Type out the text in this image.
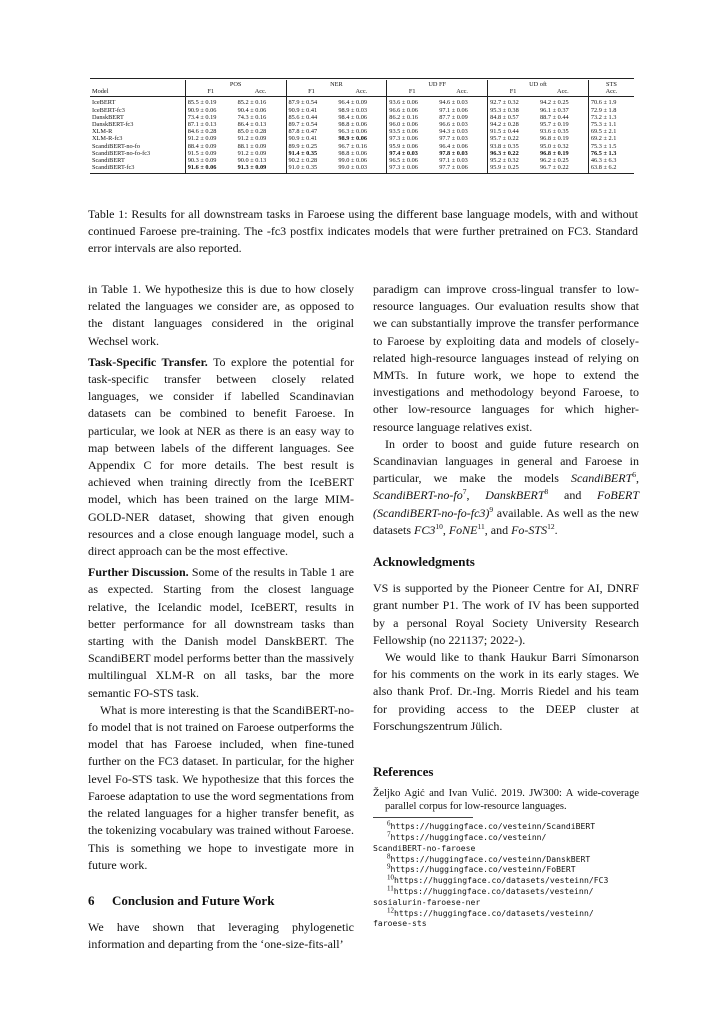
	POS		NER		UD FF		UD oft		STS
Model	F1	Acc.	F1	Acc.	F1	Acc.	F1	Acc.	Acc.
IceBERT	85.5 ± 0.19	85.2 ± 0.16	87.9 ± 0.54	96.4 ± 0.09	93.6 ± 0.06	94.6 ± 0.03	92.7 ± 0.32	94.2 ± 0.25	70.6 ± 1.9
IceBERT-fc3	90.9 ± 0.06	90.4 ± 0.06	90.9 ± 0.41	98.9 ± 0.03	96.6 ± 0.06	97.1 ± 0.06	95.3 ± 0.38	96.1 ± 0.37	72.9 ± 1.8
DanskBERT	73.4 ± 0.19	74.3 ± 0.16	85.6 ± 0.44	98.4 ± 0.06	86.2 ± 0.16	87.7 ± 0.09	84.8 ± 0.57	88.7 ± 0.44	73.2 ± 1.3
DanskBERT-fc3	87.1 ± 0.13	86.4 ± 0.13	89.7 ± 0.54	98.8 ± 0.06	96.0 ± 0.06	96.6 ± 0.03	94.2 ± 0.28	95.7 ± 0.19	75.3 ± 1.1
XLM-R	84.6 ± 0.28	85.0 ± 0.28	87.8 ± 0.47	96.3 ± 0.06	93.5 ± 0.06	94.3 ± 0.03	91.5 ± 0.44	93.6 ± 0.35	69.5 ± 2.1
XLM-R-fc3	91.2 ± 0.09	91.2 ± 0.09	90.9 ± 0.41	98.9 ± 0.06	97.3 ± 0.06	97.7 ± 0.03	95.7 ± 0.22	96.8 ± 0.19	69.2 ± 2.1
ScandiBERT-no-fo	88.4 ± 0.09	88.1 ± 0.09	89.9 ± 0.25	96.7 ± 0.16	95.9 ± 0.06	96.4 ± 0.06	93.8 ± 0.35	95.0 ± 0.32	75.3 ± 1.5
ScandiBERT-no-fo-fc3	91.5 ± 0.09	91.2 ± 0.09	91.4 ± 0.35	98.8 ± 0.06	97.4 ± 0.03	97.8 ± 0.03	96.3 ± 0.22	96.8 ± 0.19	76.5 ± 1.3
ScandiBERT	90.3 ± 0.09	90.0 ± 0.13	90.2 ± 0.28	99.0 ± 0.06	96.5 ± 0.06	97.1 ± 0.03	95.2 ± 0.32	96.2 ± 0.25	46.3 ± 6.3
ScandiBERT-fc3	91.6 ± 0.06	91.3 ± 0.09	91.0 ± 0.35	99.0 ± 0.03	97.3 ± 0.06	97.7 ± 0.06	95.9 ± 0.25	96.7 ± 0.22	63.8 ± 6.2
Table 1: Results for all downstream tasks in Faroese using the different base language models, with and without continued Faroese pre-training. The -fc3 postfix indicates models that were further pretrained on FC3. Standard error intervals are also reported.

in Table 1. We hypothesize this is due to how closely related the languages we consider are, as opposed to the distant languages considered in the original Wechsel work.

Task-Specific Transfer. To explore the potential for task-specific transfer between closely related languages, we consider if labelled Scandinavian datasets can be combined to benefit Faroese. In particular, we look at NER as there is an easy way to map between labels of the different languages. See Appendix C for more details. The best result is achieved when training directly from the IceBERT model, which has been trained on the large MIM-GOLD-NER dataset, showing that given enough resources and a close enough language model, such a direct approach can be the most effective.

Further Discussion. Some of the results in Table 1 are as expected. Starting from the closest language relative, the Icelandic model, IceBERT, results in better performance for all downstream tasks than starting with the Danish model DanskBERT. The ScandiBERT model performs better than the massively multilingual XLM-R on all tasks, bar the more semantic FO-STS task.

What is more interesting is that the ScandiBERT-no-fo model that is not trained on Faroese outperforms the model that has Faroese included, when fine-tuned further on the FC3 dataset. In particular, for the higher level Fo-STS task. We hypothesize that this forces the Faroese adaptation to use the word segmentations from the related languages for a higher transfer benefit, as the tokenizing vocabulary was trained without Faroese. This is something we hope to investigate more in future work.

6 Conclusion and Future Work

We have shown that leveraging phylogenetic information and departing from the ‘one-size-fits-all’

paradigm can improve cross-lingual transfer to low-resource languages. Our evaluation results show that we can substantially improve the transfer performance to Faroese by exploiting data and models of closely-related high-resource languages instead of relying on MMTs. In future work, we hope to extend the investigations and methodology beyond Faroese, to other low-resource languages for which higher-resource language relatives exist.

In order to boost and guide future research on Scandinavian languages in general and Faroese in particular, we make the models ScandiBERT$^6$, ScandiBERT-$no-fo^7$, DanskBERT$^8$ and FoBERT (ScandiBERT-no-fo-fc3)$^9$ available. As well as the new datasets $FC3^{10}$, FoNE$^{11}$, and Fo-STS$^{12}$.

Acknowledgments

VS is supported by the Pioneer Centre for AI, DNRF grant number P1. The work of IV has been supported by a personal Royal Society University Research Fellowship (no 221137; 2022-).

We would like to thank Haukur Barri Símonarson for his comments on the work in its early stages. We also thank Prof. Dr.-Ing. Morris Riedel and his team for providing access to the DEEP cluster at Forschungszentrum Jülich.

References

Željko Agić and Ivan Vulić. 2019. JW300: A wide-coverage parallel corpus for low-resource languages.

6https://huggingface.co/vesteinn/ScandiBERT
7https://huggingface.co/vesteinn/
ScandiBERT-no-faroese
8https://huggingface.co/vesteinn/DanskBERT
9https://huggingface.co/vesteinn/FoBERT
10https://huggingface.co/datasets/vesteinn/FC3
11https://huggingface.co/datasets/vesteinn/
sosialurin-faroese-ner
12https://huggingface.co/datasets/vesteinn/
faroese-sts
